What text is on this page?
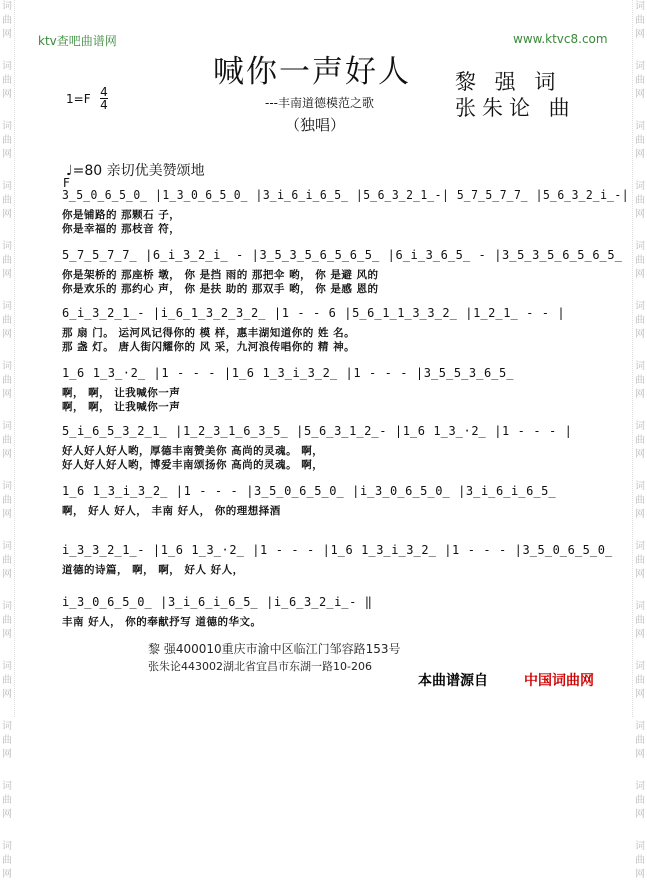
词
曲
网
词
曲
网
词
曲
网
词
曲
网
词
曲
网
词
曲
网
词
曲
网
词
曲
网
词
曲
网
词
曲
网
词
曲
网
词
曲
网
词
曲
网
词
曲
网
词
曲
网
词
曲
网
词
曲
网
词
曲
网
词
曲
网
词
曲
网
词
曲
网
词
曲
网
词
曲
网
词
曲
网
词
曲
网
词
曲
网
词
曲
网
词
曲
网
词
曲
网
词
曲
网
ktv查吧曲谱网	www.ktvc8.com
喊你一声好人 黎 强 词
张朱论 曲
1=F 4
4	---丰南道德模范之歌
（独唱）
♩=80 亲切优美赞颂地
F
3̲5̲0̲6̲5̲0̲ |1̲3̲0̲6̲5̲0̲ |3̲i̲6̲i̲6̲5̲ |5̲6̲3̲2̲1̲-| 5̲7̲5̲7̲7̲ |5̲6̲3̲2̲i̲-|
你是铺路的 那颗石 子，
你是幸福的 那枝音 符，
5̲7̲5̲7̲7̲ |6̲i̲3̲2̲i̲ - |3̲5̲3̲5̲6̲5̲6̲5̲ |6̲i̲3̲6̲5̲ - |3̲5̲3̲5̲6̲5̲6̲5̲
你是架桥的 那座桥 墩， 你 是挡 雨的 那把伞 哟， 你 是避 风的
你是欢乐的 那约心 声， 你 是扶 助的 那双手 哟， 你 是感 恩的
6̲i̲3̲2̲1̲- |i̲6̲1̲3̲2̲3̲2̲ |1 - - 6 |5̲6̲1̲1̲3̲3̲2̲ |1̲2̲1̲ - - |
那 扇 门。 运河风记得你的 模 样，惠丰湖知道你的 姓 名。
那 盏 灯。 唐人街闪耀你的 风 采，九河浪传唱你的 精 神。
1̲6 1̲3̲·2̲ |1 - - - |1̲6 1̲3̲i̲3̲2̲ |1 - - - |3̲5̲5̲3̲6̲5̲
啊， 啊， 让我喊你一声
啊， 啊， 让我喊你一声
5̲i̲6̲5̲3̲2̲1̲ |1̲2̲3̲1̲6̲3̲5̲ |5̲6̲3̲1̲2̲- |1̲6 1̲3̲·2̲ |1 - - - |
好人好人好人哟，厚德丰南赞美你 高尚的灵魂。 啊，
好人好人好人哟，博爱丰南颂扬你 高尚的灵魂。 啊，
1̲6 1̲3̲i̲3̲2̲ |1 - - - |3̲5̲0̲6̲5̲0̲ |i̲3̲0̲6̲5̲0̲ |3̲i̲6̲i̲6̲5̲
啊， 好人 好人， 丰南 好人， 你的理想择酒
i̲3̲3̲2̲1̲- |1̲6 1̲3̲·2̲ |1 - - - |1̲6 1̲3̲i̲3̲2̲ |1 - - - |3̲5̲0̲6̲5̲0̲
道德的诗篇， 啊， 啊， 好人 好人，
i̲3̲0̲6̲5̲0̲ |3̲i̲6̲i̲6̲5̲ |i̲6̲3̲2̲i̲- ‖
丰南 好人， 你的奉献抒写 道德的华文。
黎 强400010重庆市渝中区临江门邹容路153号
张朱论443002湖北省宜昌市东湖一路10-206
本曲谱源自	中国词曲网
